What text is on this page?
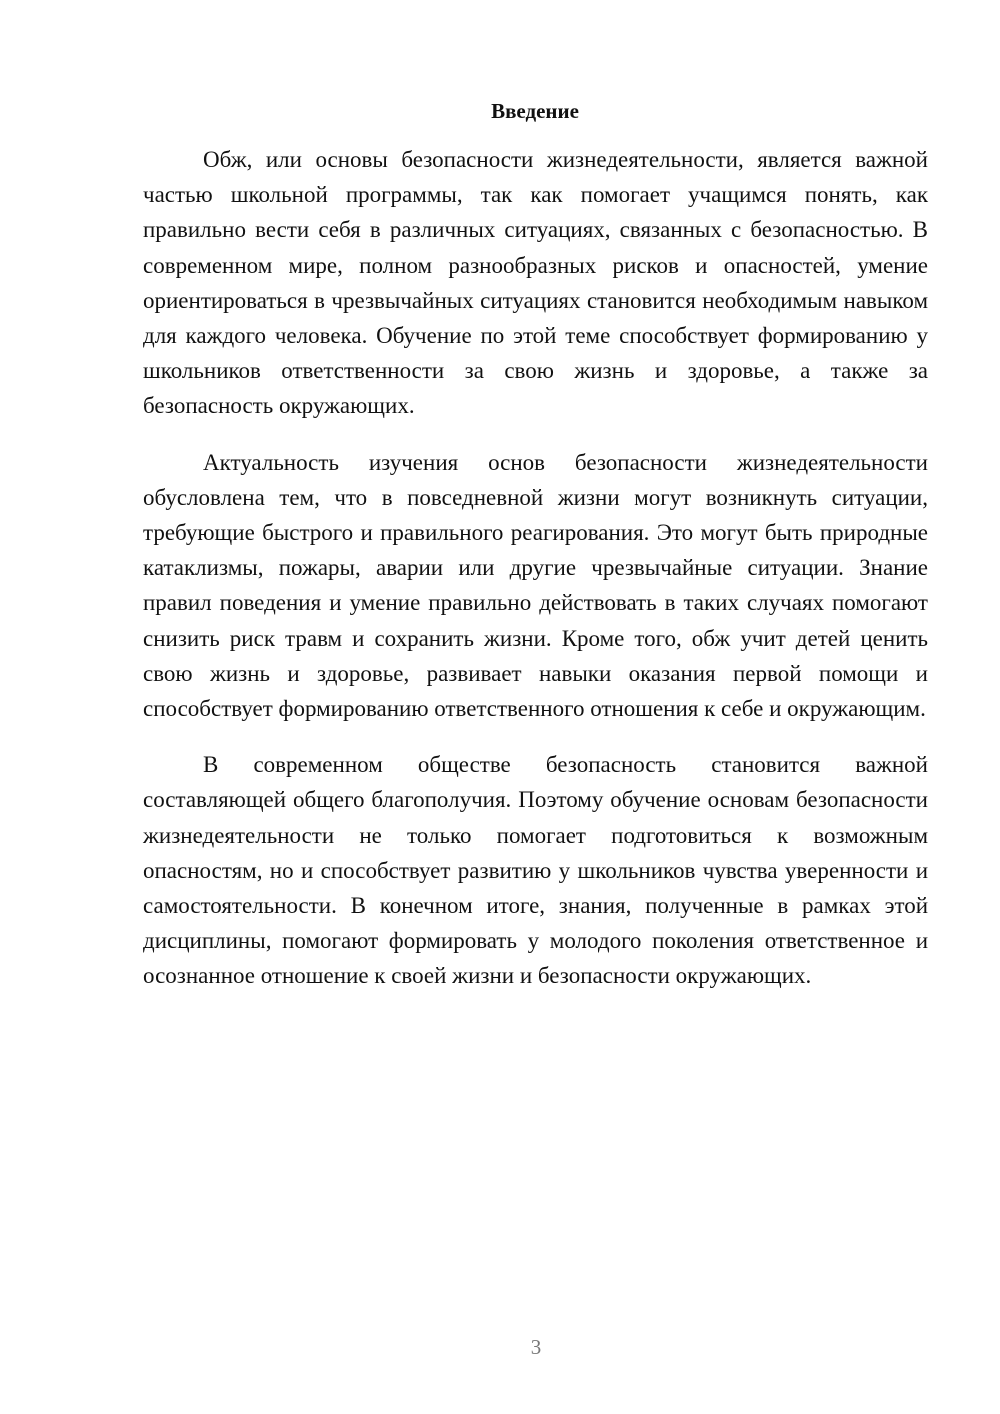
Введение

Обж, или основы безопасности жизнедеятельности, является важной частью школьной программы, так как помогает учащимся понять, как правильно вести себя в различных ситуациях, связанных с безопасностью. В современном мире, полном разнообразных рисков и опасностей, умение ориентироваться в чрезвычайных ситуациях становится необходимым навыком для каждого человека. Обучение по этой теме способствует формированию у школьников ответственности за свою жизнь и здоровье, а также за безопасность окружающих.

Актуальность изучения основ безопасности жизнедеятельности обусловлена тем, что в повседневной жизни могут возникнуть ситуации, требующие быстрого и правильного реагирования. Это могут быть природные катаклизмы, пожары, аварии или другие чрезвычайные ситуации. Знание правил поведения и умение правильно действовать в таких случаях помогают снизить риск травм и сохранить жизни. Кроме того, обж учит детей ценить свою жизнь и здоровье, развивает навыки оказания первой помощи и способствует формированию ответственного отношения к себе и окружающим.

В современном обществе безопасность становится важной составляющей общего благополучия. Поэтому обучение основам безопасности жизнедеятельности не только помогает подготовиться к возможным опасностям, но и способствует развитию у школьников чувства уверенности и самостоятельности. В конечном итоге, знания, полученные в рамках этой дисциплины, помогают формировать у молодого поколения ответственное и осознанное отношение к своей жизни и безопасности окружающих.

3
